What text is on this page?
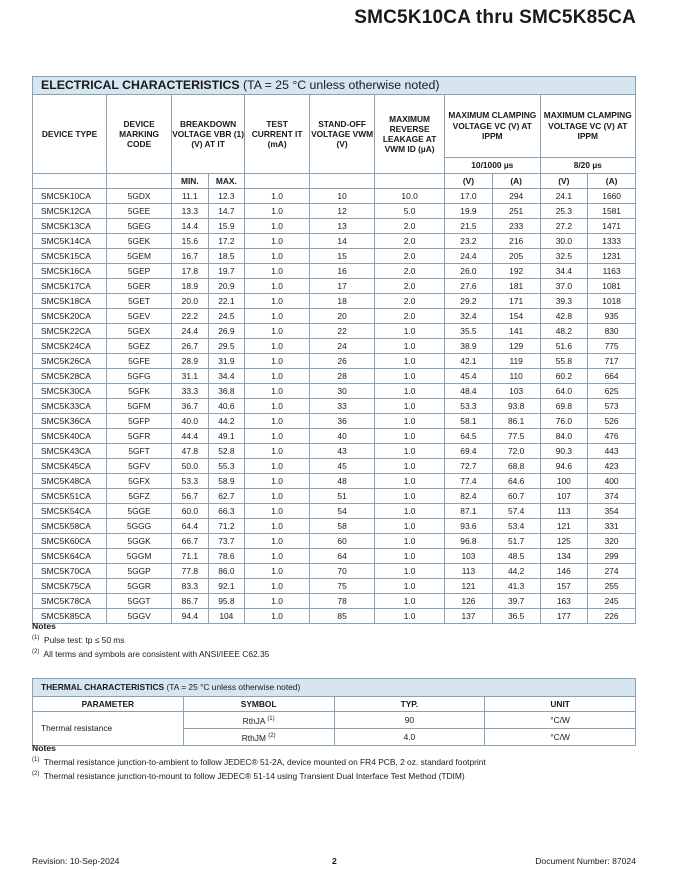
SMC5K10CA thru SMC5K85CA
ELECTRICAL CHARACTERISTICS (TA = 25 °C unless otherwise noted)										
DEVICE TYPE	DEVICE MARKING CODE	BREAKDOWN VOLTAGE VBR (1) (V) AT IT		TEST CURRENT IT (mA)	STAND-OFF VOLTAGE VWM (V)	MAXIMUM REVERSE LEAKAGE AT VWM ID (µA)	MAXIMUM CLAMPING VOLTAGE VC (V) AT IPPM		MAXIMUM CLAMPING VOLTAGE VC (V) AT IPPM	
							10/1000 µs		8/20 µs	
		MIN.	MAX.				(V)	(A)	(V)	(A)
SMC5K10CA	5GDX	11.1	12.3	1.0	10	10.0	17.0	294	24.1	1660
SMC5K12CA	5GEE	13.3	14.7	1.0	12	5.0	19.9	251	25.3	1581
SMC5K13CA	5GEG	14.4	15.9	1.0	13	2.0	21.5	233	27.2	1471
SMC5K14CA	5GEK	15.6	17.2	1.0	14	2.0	23.2	216	30.0	1333
SMC5K15CA	5GEM	16.7	18.5	1.0	15	2.0	24.4	205	32.5	1231
SMC5K16CA	5GEP	17.8	19.7	1.0	16	2.0	26.0	192	34.4	1163
SMC5K17CA	5GER	18.9	20.9	1.0	17	2.0	27.6	181	37.0	1081
SMC5K18CA	5GET	20.0	22.1	1.0	18	2.0	29.2	171	39.3	1018
SMC5K20CA	5GEV	22.2	24.5	1.0	20	2.0	32.4	154	42.8	935
SMC5K22CA	5GEX	24.4	26.9	1.0	22	1.0	35.5	141	48.2	830
SMC5K24CA	5GEZ	26.7	29.5	1.0	24	1.0	38.9	129	51.6	775
SMC5K26CA	5GFE	28.9	31.9	1.0	26	1.0	42.1	119	55.8	717
SMC5K28CA	5GFG	31.1	34.4	1.0	28	1.0	45.4	110	60.2	664
SMC5K30CA	5GFK	33.3	36.8	1.0	30	1.0	48.4	103	64.0	625
SMC5K33CA	5GFM	36.7	40.6	1.0	33	1.0	53.3	93.8	69.8	573
SMC5K36CA	5GFP	40.0	44.2	1.0	36	1.0	58.1	86.1	76.0	526
SMC5K40CA	5GFR	44.4	49.1	1.0	40	1.0	64.5	77.5	84.0	476
SMC5K43CA	5GFT	47.8	52.8	1.0	43	1.0	69.4	72.0	90.3	443
SMC5K45CA	5GFV	50.0	55.3	1.0	45	1.0	72.7	68.8	94.6	423
SMC5K48CA	5GFX	53.3	58.9	1.0	48	1.0	77.4	64.6	100	400
SMC5K51CA	5GFZ	56.7	62.7	1.0	51	1.0	82.4	60.7	107	374
SMC5K54CA	5GGE	60.0	66.3	1.0	54	1.0	87.1	57.4	113	354
SMC5K58CA	5GGG	64.4	71.2	1.0	58	1.0	93.6	53.4	121	331
SMC5K60CA	5GGK	66.7	73.7	1.0	60	1.0	96.8	51.7	125	320
SMC5K64CA	5GGM	71.1	78.6	1.0	64	1.0	103	48.5	134	299
SMC5K70CA	5GGP	77.8	86.0	1.0	70	1.0	113	44.2	146	274
SMC5K75CA	5GGR	83.3	92.1	1.0	75	1.0	121	41.3	157	255
SMC5K78CA	5GGT	86.7	95.8	1.0	78	1.0	126	39.7	163	245
SMC5K85CA	5GGV	94.4	104	1.0	85	1.0	137	36.5	177	226
Notes
$^{(1)}$ Pulse test: tp ≤ 50 ms
$^{(2)}$ All terms and symbols are consistent with ANSI/IEEE C62.35
THERMAL CHARACTERISTICS (TA = 25 °C unless otherwise noted)			
PARAMETER	SYMBOL	TYP.	UNIT
Thermal resistance	RthJA $^{(1)}$	90	°C/W
	RthJM $^{(2)}$	4.0	°C/W
Notes
$^{(1)}$ Thermal resistance junction-to-ambient to follow JEDEC® 51-2A, device mounted on FR4 PCB, 2 oz. standard footprint
$^{(2)}$ Thermal resistance junction-to-mount to follow JEDEC® 51-14 using Transient Dual Interface Test Method (TDIM)
Revision: 10-Sep-2024	2	Document Number: 87024
